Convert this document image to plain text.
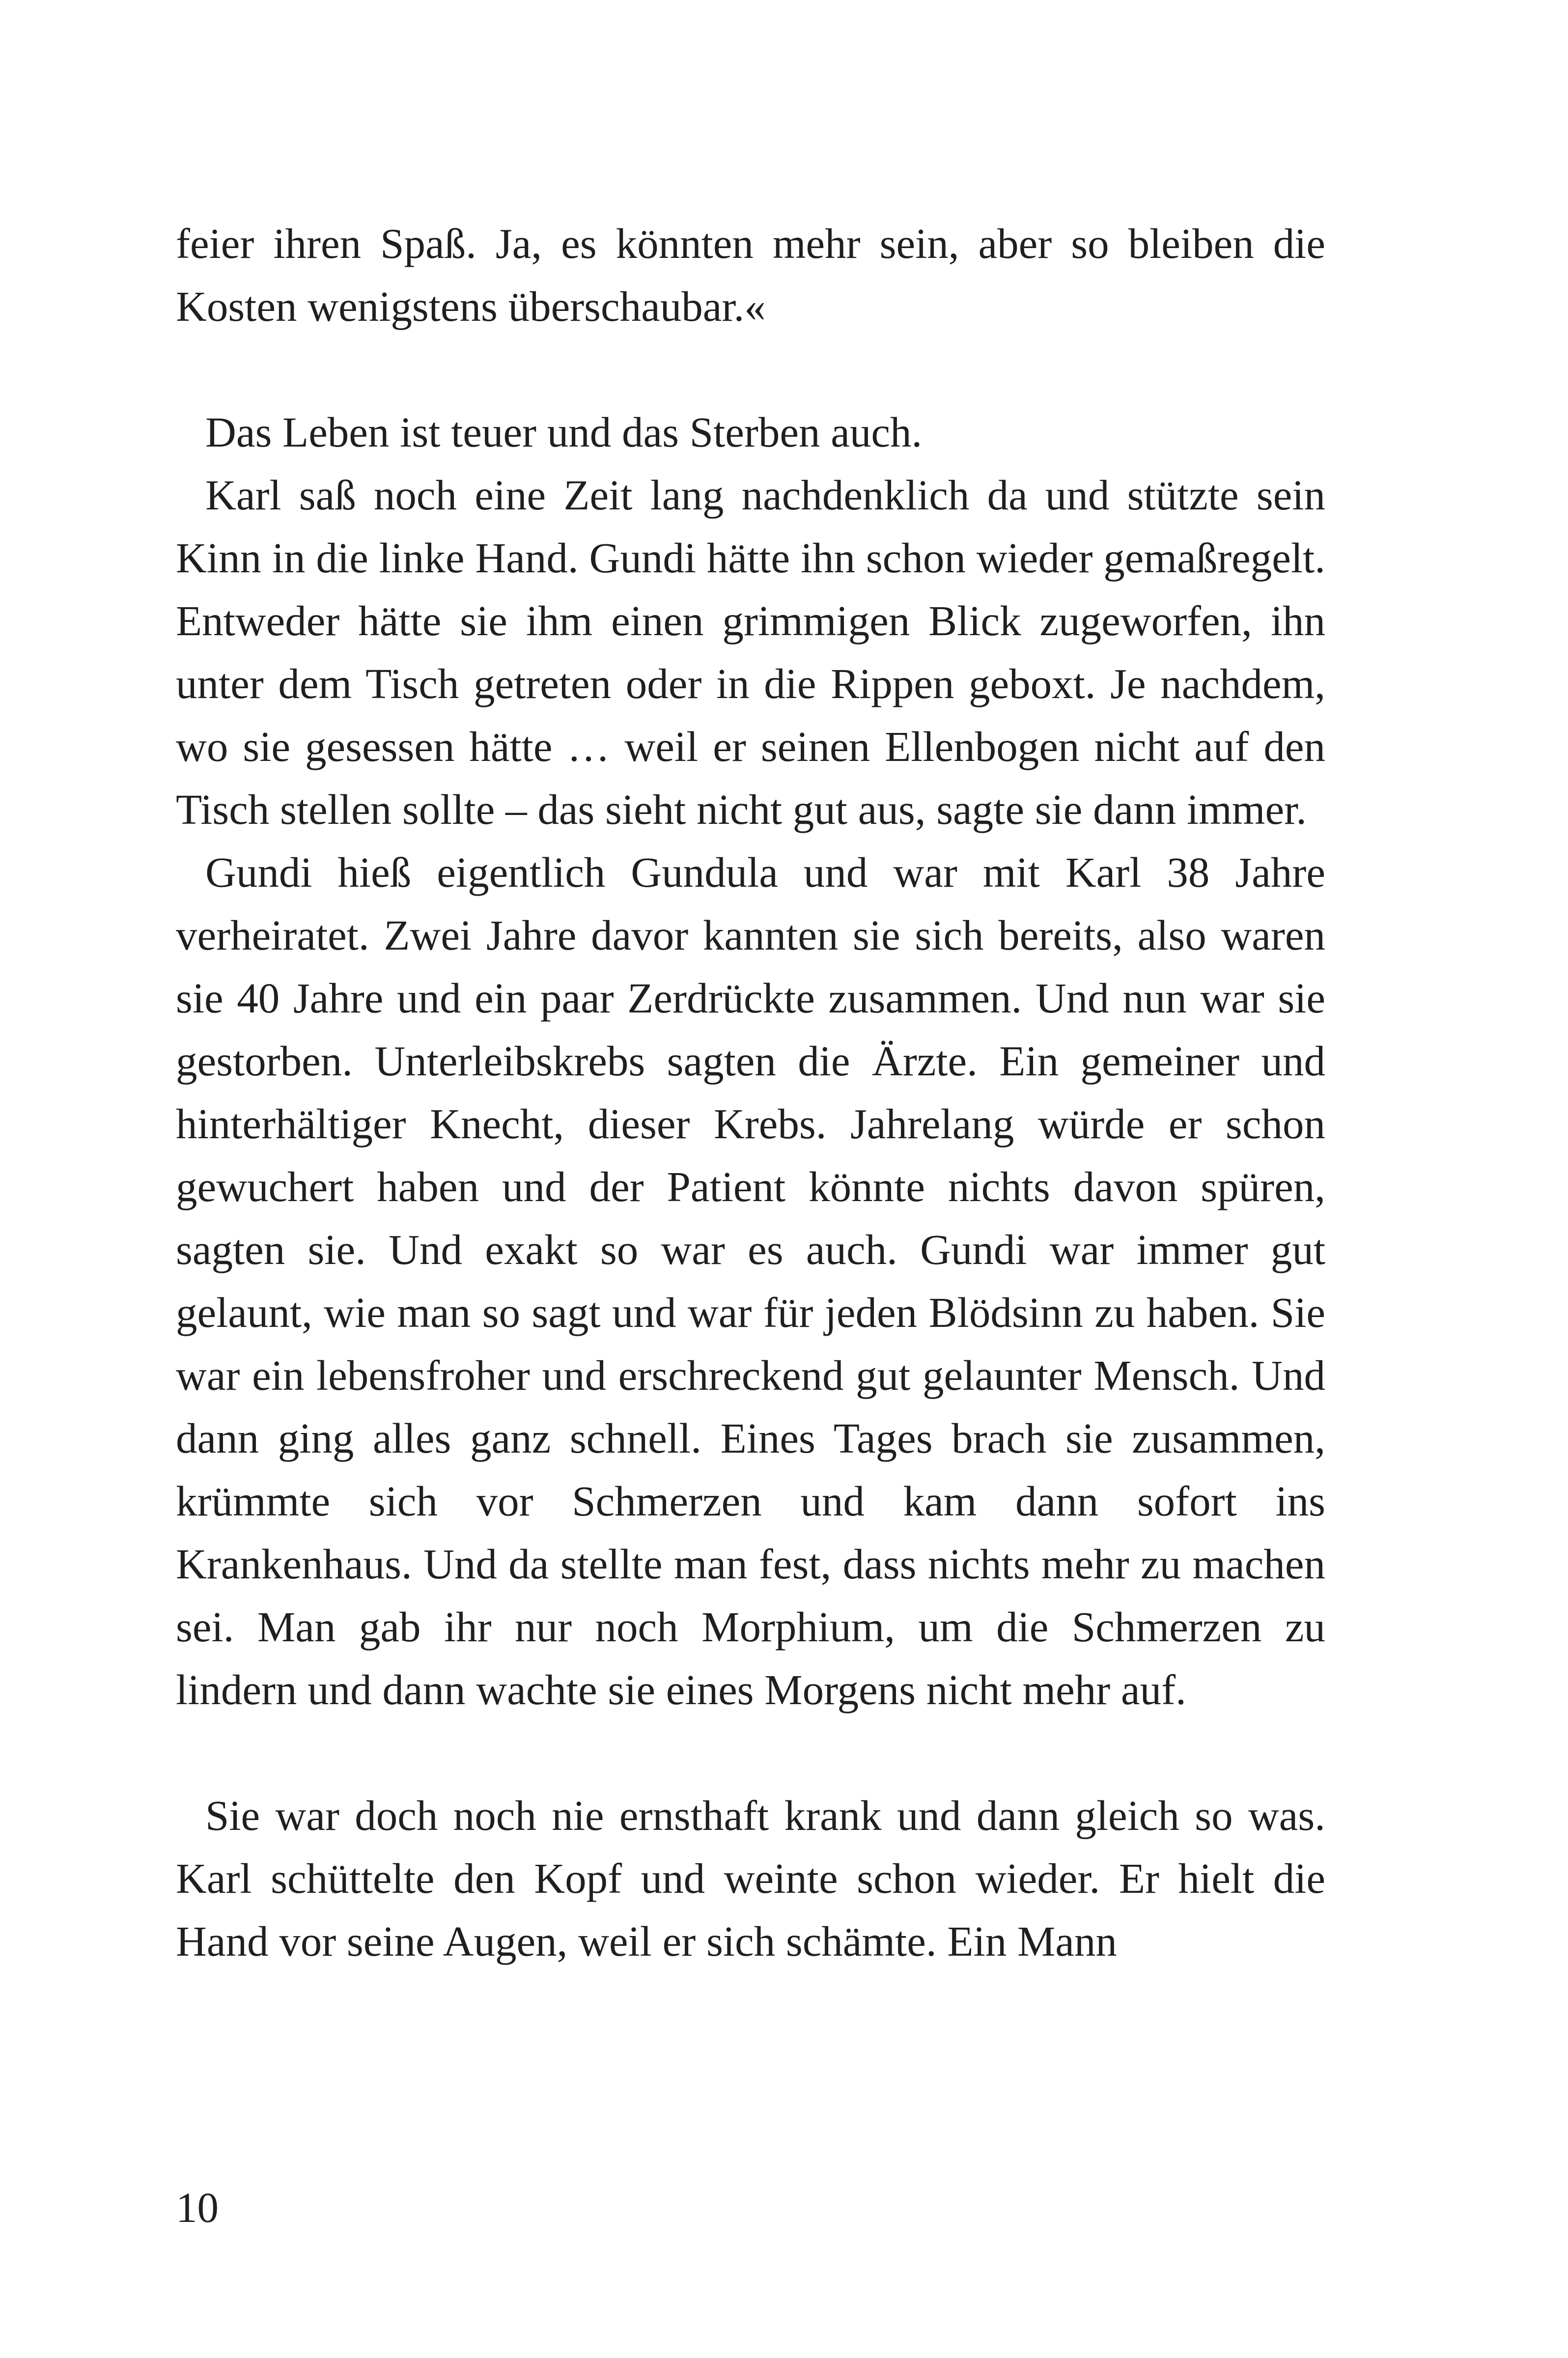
feier ihren Spaß. Ja, es könnten mehr sein, aber so bleiben die Kosten wenigstens überschaubar.«

Das Leben ist teuer und das Sterben auch.

Karl saß noch eine Zeit lang nachdenklich da und stützte sein Kinn in die linke Hand. Gundi hätte ihn schon wieder gemaßregelt. Entweder hätte sie ihm einen grimmigen Blick zugeworfen, ihn unter dem Tisch getreten oder in die Rippen geboxt. Je nachdem, wo sie gesessen hätte … weil er seinen Ellenbogen nicht auf den Tisch stellen sollte – das sieht nicht gut aus, sagte sie dann immer.

Gundi hieß eigentlich Gundula und war mit Karl 38 Jahre verheiratet. Zwei Jahre davor kannten sie sich bereits, also waren sie 40 Jahre und ein paar Zerdrückte zusammen. Und nun war sie gestorben. Unterleibskrebs sagten die Ärzte. Ein gemeiner und hinterhältiger Knecht, dieser Krebs. Jahrelang würde er schon gewuchert haben und der Patient könnte nichts davon spüren, sagten sie. Und exakt so war es auch. Gundi war immer gut gelaunt, wie man so sagt und war für jeden Blödsinn zu haben. Sie war ein lebensfroher und erschreckend gut gelaunter Mensch. Und dann ging alles ganz schnell. Eines Tages brach sie zusammen, krümmte sich vor Schmerzen und kam dann sofort ins Krankenhaus. Und da stellte man fest, dass nichts mehr zu machen sei. Man gab ihr nur noch Morphium, um die Schmerzen zu lindern und dann wachte sie eines Morgens nicht mehr auf.

Sie war doch noch nie ernsthaft krank und dann gleich so was. Karl schüttelte den Kopf und weinte schon wieder. Er hielt die Hand vor seine Augen, weil er sich schämte. Ein Mann

10
